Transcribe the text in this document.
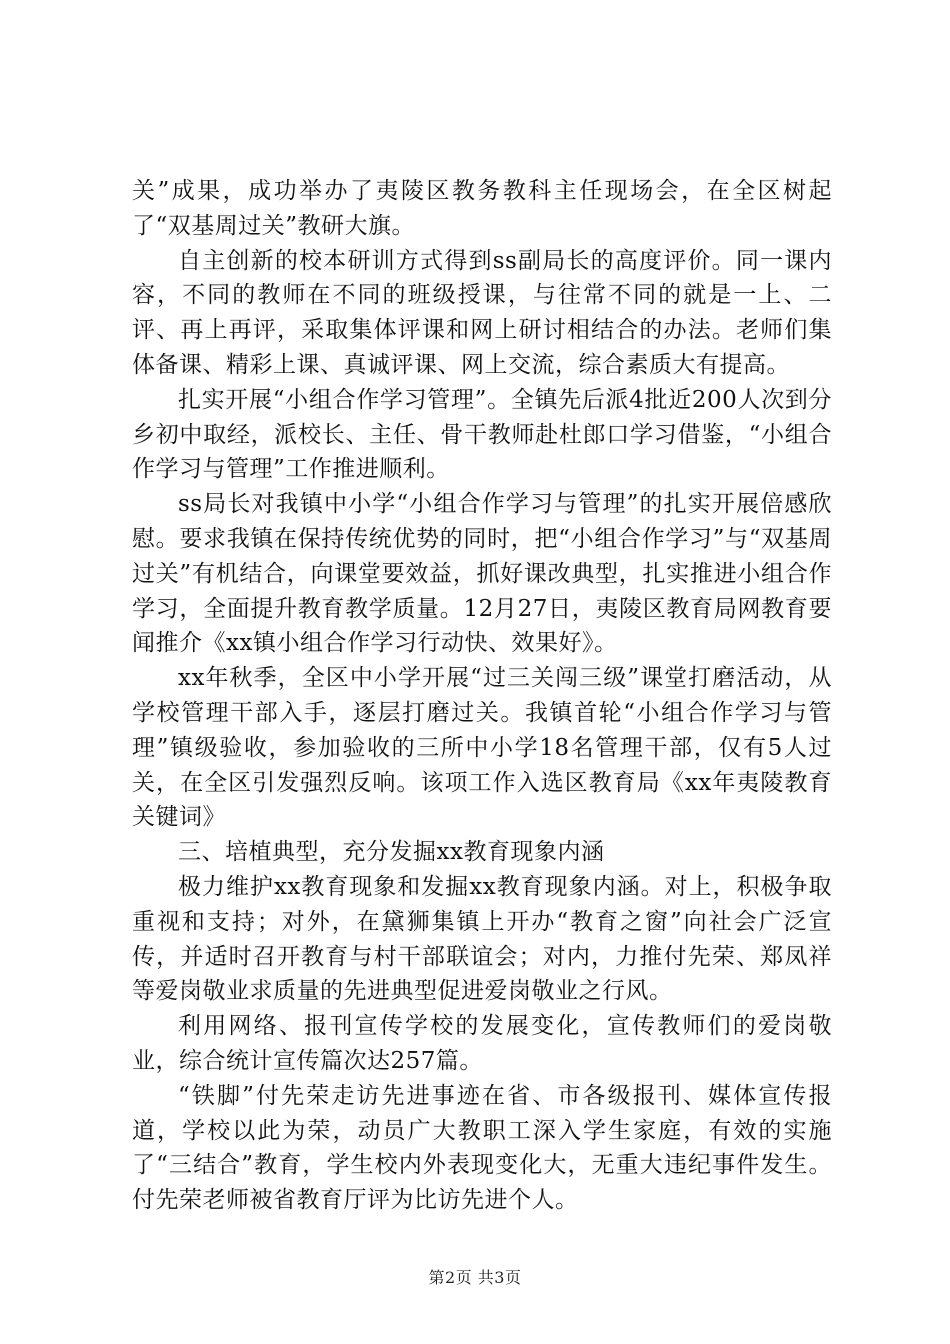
关”成果，成功举办了夷陵区教务教科主任现场会，在全区树起了“双基周过关”教研大旗。

自主创新的校本研训方式得到ss副局长的高度评价。同一课内容，不同的教师在不同的班级授课，与往常不同的就是一上、二评、再上再评，采取集体评课和网上研讨相结合的办法。老师们集体备课、精彩上课、真诚评课、网上交流，综合素质大有提高。

扎实开展“小组合作学习管理”。全镇先后派4批近200人次到分乡初中取经，派校长、主任、骨干教师赴杜郎口学习借鉴，“小组合作学习与管理”工作推进顺利。

ss局长对我镇中小学“小组合作学习与管理”的扎实开展倍感欣慰。要求我镇在保持传统优势的同时，把“小组合作学习”与“双基周过关”有机结合，向课堂要效益，抓好课改典型，扎实推进小组合作学习，全面提升教育教学质量。12月27日，夷陵区教育局网教育要闻推介《xx镇小组合作学习行动快、效果好》。

xx年秋季，全区中小学开展“过三关闯三级”课堂打磨活动，从学校管理干部入手，逐层打磨过关。我镇首轮“小组合作学习与管理”镇级验收，参加验收的三所中小学18名管理干部，仅有5人过关，在全区引发强烈反响。该项工作入选区教育局《xx年夷陵教育关键词》

三、培植典型，充分发掘xx教育现象内涵

极力维护xx教育现象和发掘xx教育现象内涵。对上，积极争取重视和支持；对外，在黛狮集镇上开办“教育之窗”向社会广泛宣传，并适时召开教育与村干部联谊会；对内，力推付先荣、郑凤祥等爱岗敬业求质量的先进典型促进爱岗敬业之行风。

利用网络、报刊宣传学校的发展变化，宣传教师们的爱岗敬业，综合统计宣传篇次达257篇。

“铁脚”付先荣走访先进事迹在省、市各级报刊、媒体宣传报道，学校以此为荣，动员广大教职工深入学生家庭，有效的实施了“三结合”教育，学生校内外表现变化大，无重大违纪事件发生。付先荣老师被省教育厅评为比访先进个人。

第2页 共3页
